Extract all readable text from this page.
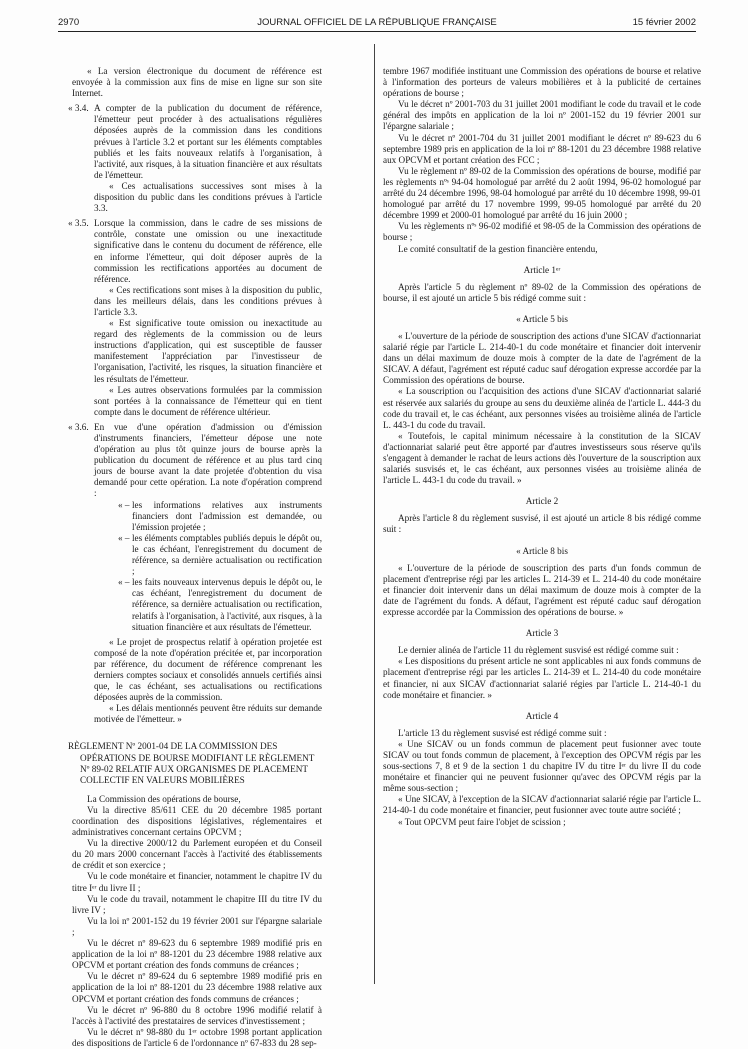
2970	JOURNAL OFFICIEL DE LA RÉPUBLIQUE FRANÇAISE	15 février 2002

« La version électronique du document de référence est envoyée à la commission aux fins de mise en ligne sur son site Internet.

« 3.4. A compter de la publication du document de référence, l'émetteur peut procéder à des actualisations régulières déposées auprès de la commission dans les conditions prévues à l'article 3.2 et portant sur les éléments comptables publiés et les faits nouveaux relatifs à l'organisation, à l'activité, aux risques, à la situation financière et aux résultats de l'émetteur.

« Ces actualisations successives sont mises à la disposition du public dans les conditions prévues à l'article 3.3.

« 3.5. Lorsque la commission, dans le cadre de ses missions de contrôle, constate une omission ou une inexactitude significative dans le contenu du document de référence, elle en informe l'émetteur, qui doit déposer auprès de la commission les rectifications apportées au document de référence.

« Ces rectifications sont mises à la disposition du public, dans les meilleurs délais, dans les conditions prévues à l'article 3.3.

« Est significative toute omission ou inexactitude au regard des règlements de la commission ou de leurs instructions d'application, qui est susceptible de fausser manifestement l'appréciation par l'investisseur de l'organisation, l'activité, les risques, la situation financière et les résultats de l'émetteur.

« Les autres observations formulées par la commission sont portées à la connaissance de l'émetteur qui en tient compte dans le document de référence ultérieur.

« 3.6. En vue d'une opération d'admission ou d'émission d'instruments financiers, l'émetteur dépose une note d'opération au plus tôt quinze jours de bourse après la publication du document de référence et au plus tard cinq jours de bourse avant la date projetée d'obtention du visa demandé pour cette opération. La note d'opération comprend :

« – les informations relatives aux instruments financiers dont l'admission est demandée, ou l'émission projetée ;

« – les éléments comptables publiés depuis le dépôt ou, le cas échéant, l'enregistrement du document de référence, sa dernière actualisation ou rectification ;

« – les faits nouveaux intervenus depuis le dépôt ou, le cas échéant, l'enregistrement du document de référence, sa dernière actualisation ou rectification, relatifs à l'organisation, à l'activité, aux risques, à la situation financière et aux résultats de l'émetteur.

« Le projet de prospectus relatif à opération projetée est composé de la note d'opération précitée et, par incorporation par référence, du document de référence comprenant les derniers comptes sociaux et consolidés annuels certifiés ainsi que, le cas échéant, ses actualisations ou rectifications déposées auprès de la commission.

« Les délais mentionnés peuvent être réduits sur demande motivée de l'émetteur. »

RÈGLEMENT Nº 2001-04 DE LA COMMISSION DES OPÉRATIONS DE BOURSE MODIFIANT LE RÈGLEMENT Nº 89-02 RELATIF AUX ORGANISMES DE PLACEMENT COLLECTIF EN VALEURS MOBILIÈRES

La Commission des opérations de bourse,

Vu la directive 85/611 CEE du 20 décembre 1985 portant coordination des dispositions législatives, réglementaires et administratives concernant certains OPCVM ;

Vu la directive 2000/12 du Parlement européen et du Conseil du 20 mars 2000 concernant l'accès à l'activité des établissements de crédit et son exercice ;

Vu le code monétaire et financier, notamment le chapitre IV du titre Iᵉʳ du livre II ;

Vu le code du travail, notamment le chapitre III du titre IV du livre IV ;

Vu la loi nº 2001-152 du 19 février 2001 sur l'épargne salariale ;

Vu le décret nº 89-623 du 6 septembre 1989 modifié pris en application de la loi nº 88-1201 du 23 décembre 1988 relative aux OPCVM et portant création des fonds communs de créances ;

Vu le décret nº 89-624 du 6 septembre 1989 modifié pris en application de la loi nº 88-1201 du 23 décembre 1988 relative aux OPCVM et portant création des fonds communs de créances ;

Vu le décret nº 96-880 du 8 octobre 1996 modifié relatif à l'accès à l'activité des prestataires de services d'investissement ;

Vu le décret nº 98-880 du 1ᵉʳ octobre 1998 portant application des dispositions de l'article 6 de l'ordonnance nº 67-833 du 28 sep-

tembre 1967 modifiée instituant une Commission des opérations de bourse et relative à l'information des porteurs de valeurs mobilières et à la publicité de certaines opérations de bourse ;

Vu le décret nº 2001-703 du 31 juillet 2001 modifiant le code du travail et le code général des impôts en application de la loi nº 2001-152 du 19 février 2001 sur l'épargne salariale ;

Vu le décret nº 2001-704 du 31 juillet 2001 modifiant le décret nº 89-623 du 6 septembre 1989 pris en application de la loi nº 88-1201 du 23 décembre 1988 relative aux OPCVM et portant création des FCC ;

Vu le règlement nº 89-02 de la Commission des opérations de bourse, modifié par les règlements nºˢ 94-04 homologué par arrêté du 2 août 1994, 96-02 homologué par arrêté du 24 décembre 1996, 98-04 homologué par arrêté du 10 décembre 1998, 99-01 homologué par arrêté du 17 novembre 1999, 99-05 homologué par arrêté du 20 décembre 1999 et 2000-01 homologué par arrêté du 16 juin 2000 ;

Vu les règlements nºˢ 96-02 modifié et 98-05 de la Commission des opérations de bourse ;

Le comité consultatif de la gestion financière entendu,

Article 1ᵉʳ

Après l'article 5 du règlement nº 89-02 de la Commission des opérations de bourse, il est ajouté un article 5 bis rédigé comme suit :

« Article 5 bis

« L'ouverture de la période de souscription des actions d'une SICAV d'actionnariat salarié régie par l'article L. 214-40-1 du code monétaire et financier doit intervenir dans un délai maximum de douze mois à compter de la date de l'agrément de la SICAV. A défaut, l'agrément est réputé caduc sauf dérogation expresse accordée par la Commission des opérations de bourse.

« La souscription ou l'acquisition des actions d'une SICAV d'actionnariat salarié est réservée aux salariés du groupe au sens du deuxième alinéa de l'article L. 444-3 du code du travail et, le cas échéant, aux personnes visées au troisième alinéa de l'article L. 443-1 du code du travail.

« Toutefois, le capital minimum nécessaire à la constitution de la SICAV d'actionnariat salarié peut être apporté par d'autres investisseurs sous réserve qu'ils s'engagent à demander le rachat de leurs actions dès l'ouverture de la souscription aux salariés susvisés et, le cas échéant, aux personnes visées au troisième alinéa de l'article L. 443-1 du code du travail. »

Article 2

Après l'article 8 du règlement susvisé, il est ajouté un article 8 bis rédigé comme suit :

« Article 8 bis

« L'ouverture de la période de souscription des parts d'un fonds commun de placement d'entreprise régi par les articles L. 214-39 et L. 214-40 du code monétaire et financier doit intervenir dans un délai maximum de douze mois à compter de la date de l'agrément du fonds. A défaut, l'agrément est réputé caduc sauf dérogation expresse accordée par la Commission des opérations de bourse. »

Article 3

Le dernier alinéa de l'article 11 du règlement susvisé est rédigé comme suit :

« Les dispositions du présent article ne sont applicables ni aux fonds communs de placement d'entreprise régi par les articles L. 214-39 et L. 214-40 du code monétaire et financier, ni aux SICAV d'actionnariat salarié régies par l'article L. 214-40-1 du code monétaire et financier. »

Article 4

L'article 13 du règlement susvisé est rédigé comme suit :

« Une SICAV ou un fonds commun de placement peut fusionner avec toute SICAV ou tout fonds commun de placement, à l'exception des OPCVM régis par les sous-sections 7, 8 et 9 de la section 1 du chapitre IV du titre Iᵉʳ du livre II du code monétaire et financier qui ne peuvent fusionner qu'avec des OPCVM régis par la même sous-section ;

« Une SICAV, à l'exception de la SICAV d'actionnariat salarié régie par l'article L. 214-40-1 du code monétaire et financier, peut fusionner avec toute autre société ;

« Tout OPCVM peut faire l'objet de scission ;
